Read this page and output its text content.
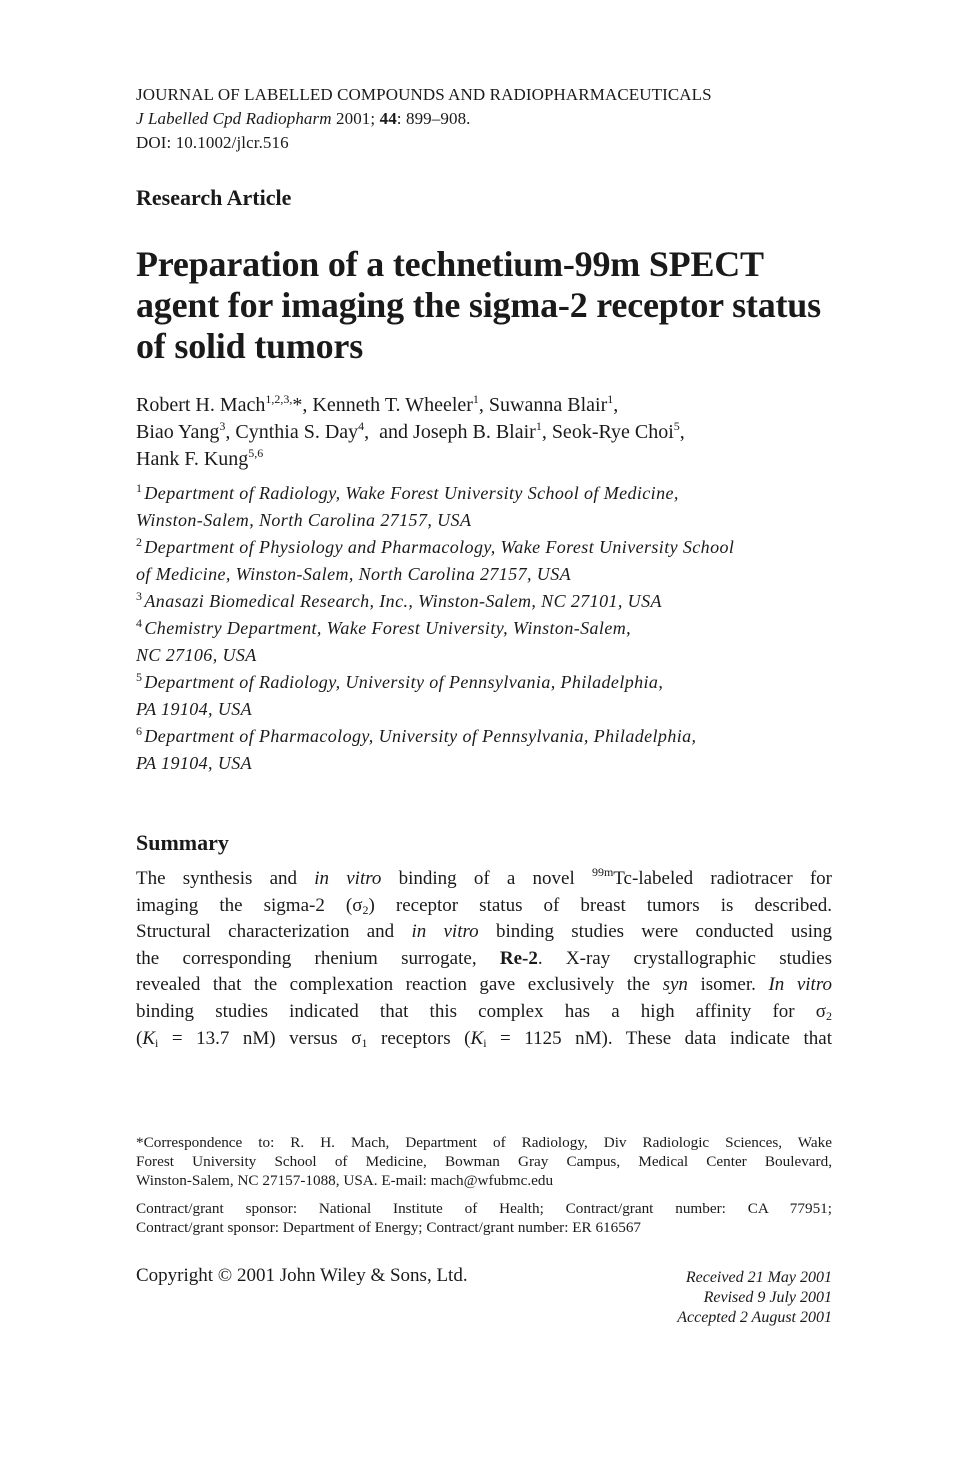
JOURNAL OF LABELLED COMPOUNDS AND RADIOPHARMACEUTICALS
J Labelled Cpd Radiopharm 2001; 44: 899–908.
DOI: 10.1002/jlcr.516
Research Article
Preparation of a technetium-99m SPECT
agent for imaging the sigma-2 receptor status
of solid tumors
Robert H. Mach$^{1,2,3,}$*, Kenneth T. Wheeler$^1$, Suwanna Blair$^1$,
Biao Yang$^3$, Cynthia S. Day$^4$,  and Joseph B. Blair$^1$, Seok-Rye Choi$^5$,
Hank F. Kung$^{5,6}$
$^1$ Department of Radiology, Wake Forest University School of Medicine,
Winston-Salem, North Carolina 27157, USA
$^2$ Department of Physiology and Pharmacology, Wake Forest University School
of Medicine, Winston-Salem, North Carolina 27157, USA
$^3$ Anasazi Biomedical Research, Inc., Winston-Salem, NC 27101, USA
$^4$ Chemistry Department, Wake Forest University, Winston-Salem,
NC 27106, USA
$^5$ Department of Radiology, University of Pennsylvania, Philadelphia,
PA 19104, USA
$^6$ Department of Pharmacology, University of Pennsylvania, Philadelphia,
PA 19104, USA
Summary
The synthesis and in vitro binding of a novel $^{99m}$Tc-labeled radiotracer for
imaging the sigma-2 $(\sigma_2)$ receptor status of breast tumors is described.
Structural characterization and in vitro binding studies were conducted using
the corresponding rhenium surrogate, Re-2. X-ray crystallographic studies
revealed that the complexation reaction gave exclusively the syn isomer. In vitro
binding studies indicated that this complex has a high affinity for $\sigma_2$
($K_i = 13.7$ nM) versus $\sigma_1$ receptors ($K_i = 1125$ nM). These data indicate that
*Correspondence to: R. H. Mach, Department of Radiology, Div Radiologic Sciences, Wake
Forest University School of Medicine, Bowman Gray Campus, Medical Center Boulevard,
Winston-Salem, NC 27157-1088, USA. E-mail: mach@wfubmc.edu
Contract/grant sponsor: National Institute of Health; Contract/grant number: CA 77951;
Contract/grant sponsor: Department of Energy; Contract/grant number: ER 616567
Copyright © 2001 John Wiley & Sons, Ltd.	Received 21 May 2001
Revised 9 July 2001
Accepted 2 August 2001
